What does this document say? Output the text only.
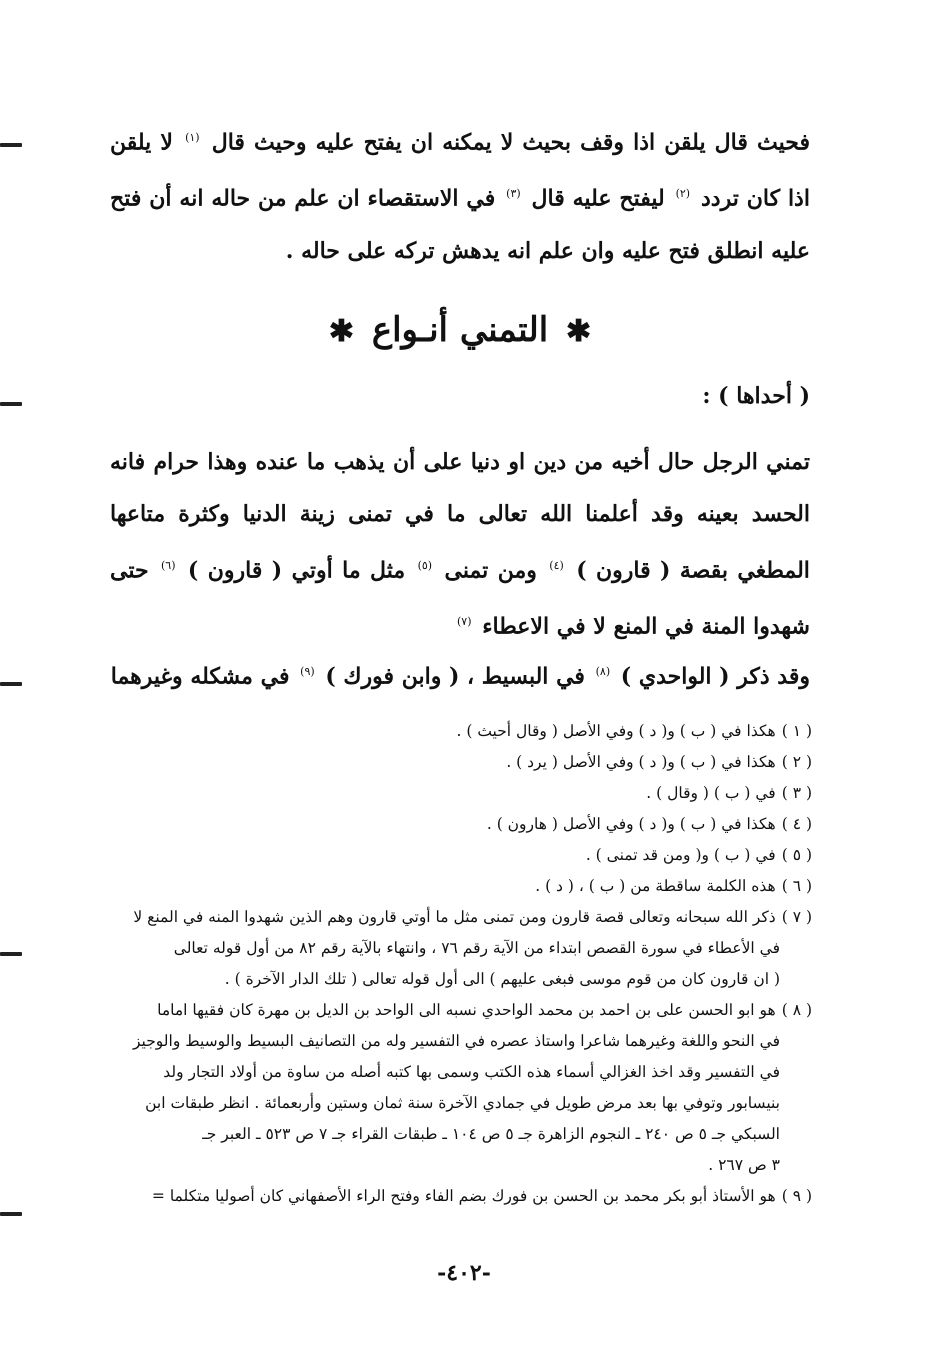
فحيث قال يلقن اذا وقف بحيث لا يمكنه ان يفتح عليه وحيث قال $^{(١)}$ لا يلقن اذا كان تردد $^{(٢)}$ ليفتح عليه قال $^{(٣)}$ في الاستقصاء ان علم من حاله انه أن فتح عليه انطلق فتح عليه وان علم انه يدهش تركه على حاله .
✱ التمني أنـواع ✱
( أحداها ) :
تمني الرجل حال أخيه من دين او دنيا على أن يذهب ما عنده وهذا حرام فانه الحسد بعينه وقد أعلمنا الله تعالى ما في تمنى زينة الدنيا وكثرة متاعها المطغي بقصة ( قارون ) $^{(٤)}$ ومن تمنى $^{(٥)}$ مثل ما أوتي ( قارون ) $^{(٦)}$ حتى شهدوا المنة في المنع لا في الاعطاء $^{(٧)}$
وقد ذكر ( الواحدي ) $^{(٨)}$ في البسيط ، ( وابن فورك ) $^{(٩)}$ في مشكله وغيرهما
( ١ )هكذا في ( ب ) و( د ) وفي الأصل ( وقال أحيث ) .
( ٢ )هكذا في ( ب ) و( د ) وفي الأصل ( يرد ) .
( ٣ )في ( ب ) ( وقال ) .
( ٤ )هكذا في ( ب ) و( د ) وفي الأصل ( هارون ) .
( ٥ )في ( ب ) و( ومن قد تمنى ) .
( ٦ )هذه الكلمة ساقطة من ( ب ) ، ( د ) .
( ٧ )ذكر الله سبحانه وتعالى قصة قارون ومن تمنى مثل ما أوتي قارون وهم الذين شهدوا المنه في المنع لا
في الأعطاء في سورة القصص ابتداء من الآية رقم ٧٦ ، وانتهاء بالآية رقم ٨٢ من أول قوله تعالى
( ان قارون كان من قوم موسى فبغى عليهم ) الى أول قوله تعالى ( تلك الدار الآخرة ) .
( ٨ )هو ابو الحسن على بن احمد بن محمد الواحدي نسبه الى الواحد بن الديل بن مهرة كان فقيها اماما
في النحو واللغة وغيرهما شاعرا واستاذ عصره في التفسير وله من التصانيف البسيط والوسيط والوجيز
في التفسير وقد اخذ الغزالي أسماء هذه الكتب وسمى بها كتبه أصله من ساوة من أولاد التجار ولد
بنيسابور وتوفي بها بعد مرض طويل في جمادي الآخرة سنة ثمان وستين وأربعمائة . انظر طبقات ابن
السبكي جـ ٥ ص ٢٤٠ ـ النجوم الزاهرة جـ ٥ ص ١٠٤ ـ طبقات القراء جـ ٧ ص ٥٢٣ ـ العبر جـ
٣ ص ٢٦٧ .
( ٩ )هو الأستاذ أبو بكر محمد بن الحسن بن فورك بضم الفاء وفتح الراء الأصفهاني كان أصوليا متكلما =
-٤٠٢-
